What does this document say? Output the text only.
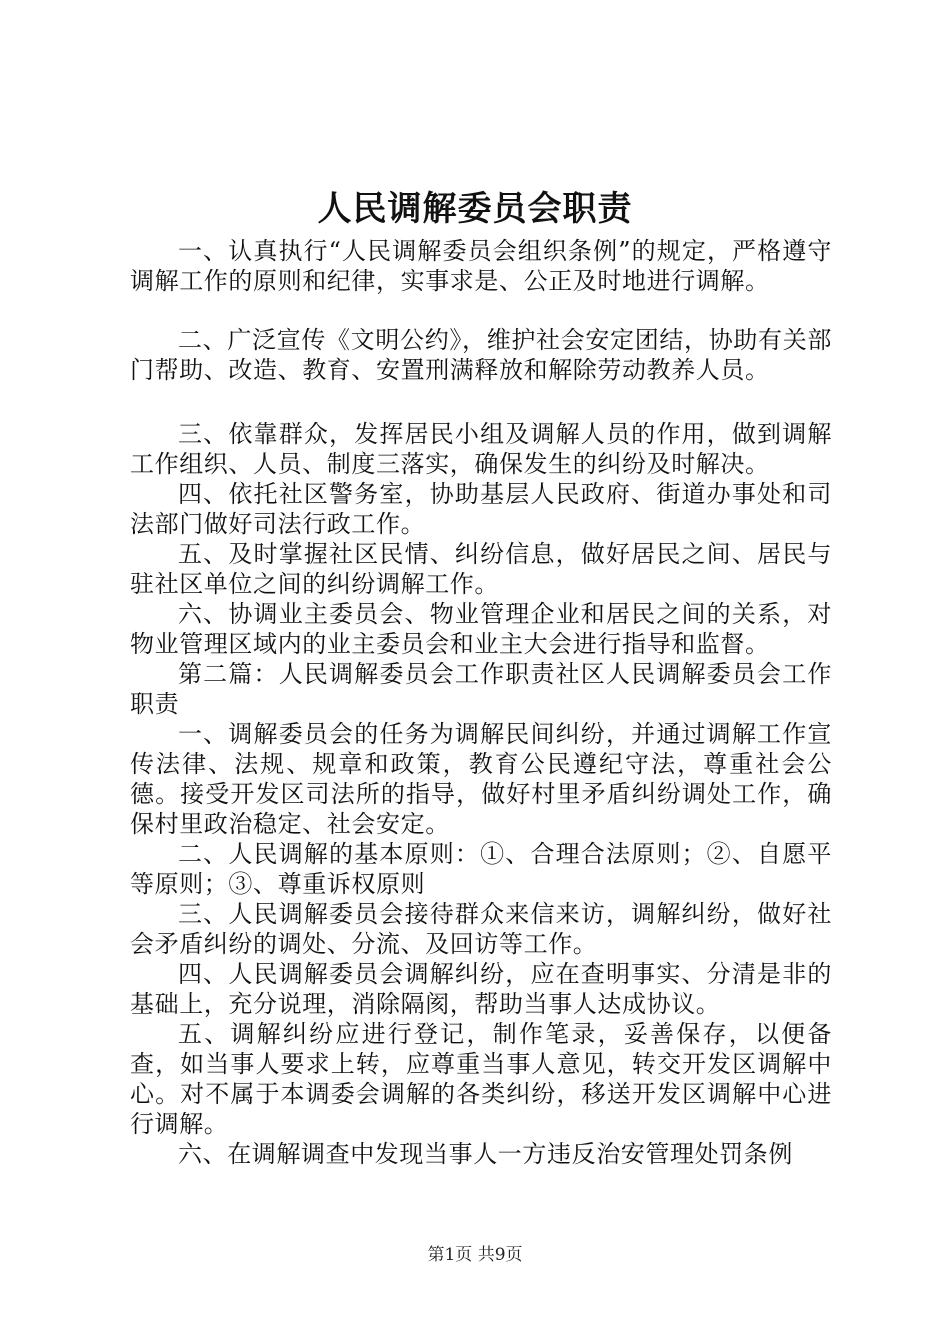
人民调解委员会职责

一、认真执行“人民调解委员会组织条例”的规定，严格遵守调解工作的原则和纪律，实事求是、公正及时地进行调解。

二、广泛宣传《文明公约》，维护社会安定团结，协助有关部门帮助、改造、教育、安置刑满释放和解除劳动教养人员。

三、依靠群众，发挥居民小组及调解人员的作用，做到调解工作组织、人员、制度三落实，确保发生的纠纷及时解决。

四、依托社区警务室，协助基层人民政府、街道办事处和司法部门做好司法行政工作。

五、及时掌握社区民情、纠纷信息，做好居民之间、居民与驻社区单位之间的纠纷调解工作。

六、协调业主委员会、物业管理企业和居民之间的关系，对物业管理区域内的业主委员会和业主大会进行指导和监督。

第二篇：人民调解委员会工作职责社区人民调解委员会工作职责

一、调解委员会的任务为调解民间纠纷，并通过调解工作宣传法律、法规、规章和政策，教育公民遵纪守法，尊重社会公德。接受开发区司法所的指导，做好村里矛盾纠纷调处工作，确保村里政治稳定、社会安定。

二、人民调解的基本原则：①、合理合法原则；②、自愿平等原则；③、尊重诉权原则

三、人民调解委员会接待群众来信来访，调解纠纷，做好社会矛盾纠纷的调处、分流、及回访等工作。

四、人民调解委员会调解纠纷，应在查明事实、分清是非的基础上，充分说理，消除隔阂，帮助当事人达成协议。

五、调解纠纷应进行登记，制作笔录，妥善保存，以便备查，如当事人要求上转，应尊重当事人意见，转交开发区调解中心。对不属于本调委会调解的各类纠纷，移送开发区调解中心进行调解。

六、在调解调查中发现当事人一方违反治安管理处罚条例

第1页 共9页
